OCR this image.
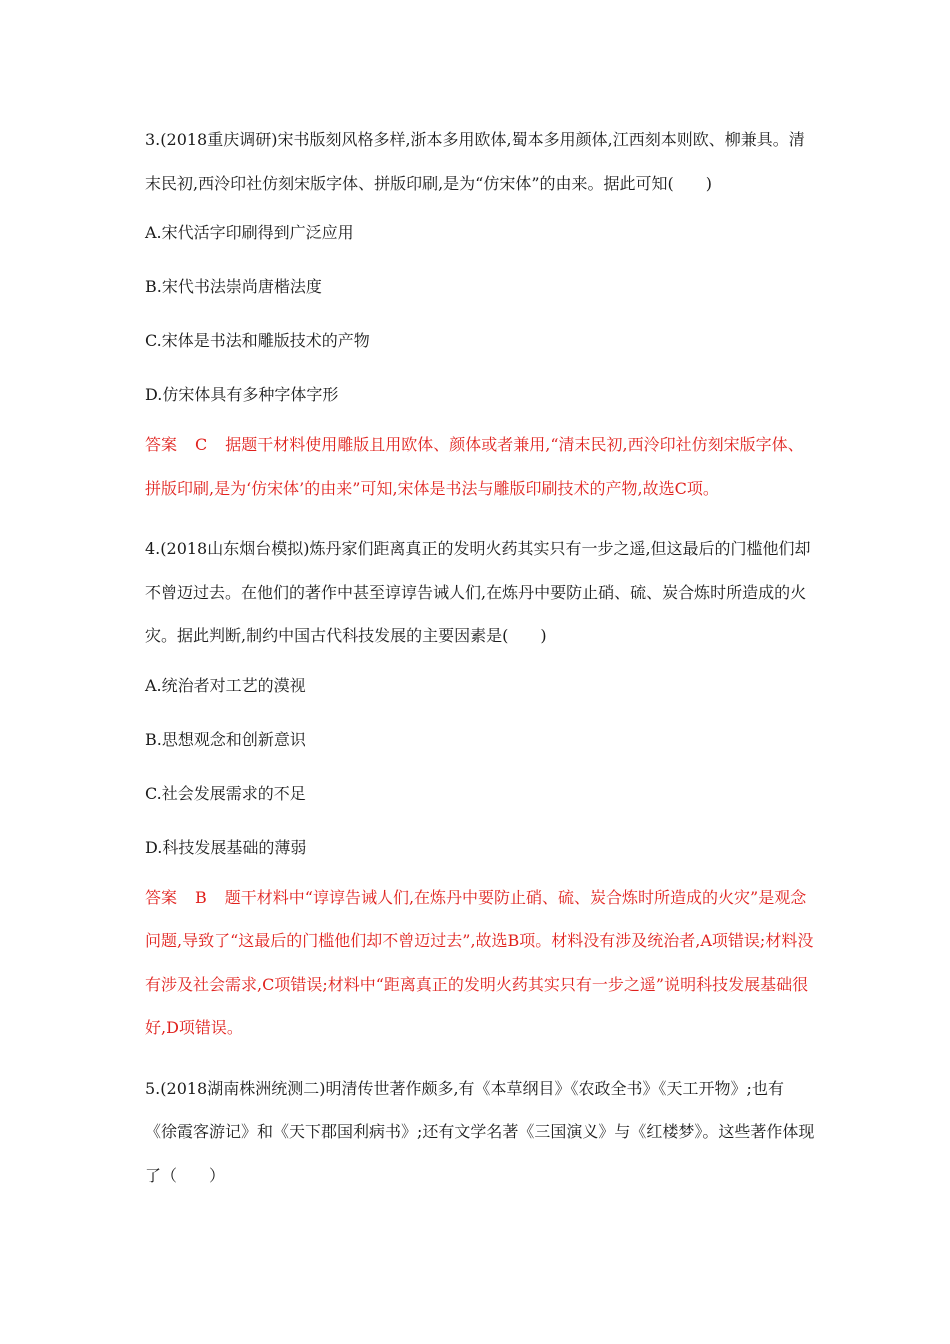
3.(2018重庆调研)宋书版刻风格多样,浙本多用欧体,蜀本多用颜体,江西刻本则欧、柳兼具。清末民初,西泠印社仿刻宋版字体、拼版印刷,是为“仿宋体”的由来。据此可知(　　)

A.宋代活字印刷得到广泛应用

B.宋代书法崇尚唐楷法度

C.宋体是书法和雕版技术的产物

D.仿宋体具有多种字体字形

答案 C 据题干材料使用雕版且用欧体、颜体或者兼用,“清末民初,西泠印社仿刻宋版字体、拼版印刷,是为‘仿宋体’的由来”可知,宋体是书法与雕版印刷技术的产物,故选C项。

4.(2018山东烟台模拟)炼丹家们距离真正的发明火药其实只有一步之遥,但这最后的门槛他们却不曾迈过去。在他们的著作中甚至谆谆告诫人们,在炼丹中要防止硝、硫、炭合炼时所造成的火灾。据此判断,制约中国古代科技发展的主要因素是(　　)

A.统治者对工艺的漠视

B.思想观念和创新意识

C.社会发展需求的不足

D.科技发展基础的薄弱

答案 B 题干材料中“谆谆告诫人们,在炼丹中要防止硝、硫、炭合炼时所造成的火灾”是观念问题,导致了“这最后的门槛他们却不曾迈过去”,故选B项。材料没有涉及统治者,A项错误;材料没有涉及社会需求,C项错误;材料中“距离真正的发明火药其实只有一步之遥”说明科技发展基础很好,D项错误。

5.(2018湖南株洲统测二)明清传世著作颇多,有《本草纲目》《农政全书》《天工开物》;也有《徐霞客游记》和《天下郡国利病书》;还有文学名著《三国演义》与《红楼梦》。这些著作体现了（　　）
